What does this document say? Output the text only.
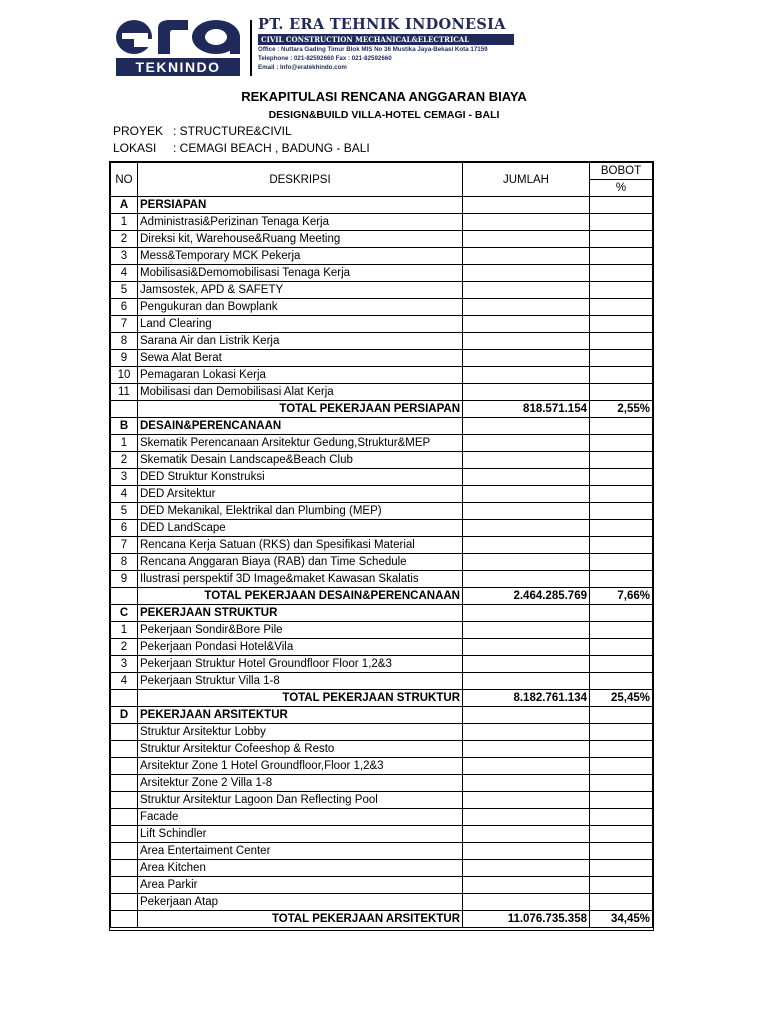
TEKNINDO
PT. ERA TEHNIK INDONESIA
CIVIL CONSTRUCTION MECHANICAL&ELECTRICAL
Office : Nuttara Gading Timur Blok MIS No 36 Mustika Jaya-Bekasi Kota 17159
Telephone : 021-82592660 Fax : 021-82592660
Email : Info@eratekhindo.com
REKAPITULASI RENCANA ANGGARAN BIAYA
DESIGN&BUILD VILLA-HOTEL CEMAGI - BALI
PROYEK : STRUCTURE&CIVIL
LOKASI : CEMAGI BEACH , BADUNG - BALI
NO	DESKRIPSI	JUMLAH	BOBOT
			%
A	PERSIAPAN		
1	Administrasi&Perizinan Tenaga Kerja		
2	Direksi kit, Warehouse&Ruang Meeting		
3	Mess&Temporary MCK Pekerja		
4	Mobilisasi&Demomobilisasi Tenaga Kerja		
5	Jamsostek, APD & SAFETY		
6	Pengukuran dan Bowplank		
7	Land Clearing		
8	Sarana Air dan Listrik Kerja		
9	Sewa Alat Berat		
10	Pemagaran Lokasi Kerja		
11	Mobilisasi dan Demobilisasi Alat Kerja		
	TOTAL PEKERJAAN PERSIAPAN	818.571.154	2,55%
B	DESAIN&PERENCANAAN		
1	Skematik Perencanaan Arsitektur Gedung,Struktur&MEP		
2	Skematik Desain Landscape&Beach Club		
3	DED Struktur Konstruksi		
4	DED Arsitektur		
5	DED Mekanikal, Elektrikal dan Plumbing (MEP)		
6	DED LandScape		
7	Rencana Kerja Satuan (RKS) dan Spesifikasi Material		
8	Rencana Anggaran Biaya (RAB) dan Time Schedule		
9	Ilustrasi perspektif 3D Image&maket Kawasan Skalatis		
	TOTAL PEKERJAAN DESAIN&PERENCANAAN	2.464.285.769	7,66%
C	PEKERJAAN STRUKTUR		
1	Pekerjaan Sondir&Bore Pile		
2	Pekerjaan Pondasi Hotel&Vila		
3	Pekerjaan Struktur Hotel Groundfloor Floor 1,2&3		
4	Pekerjaan Struktur Villa 1-8		
	TOTAL PEKERJAAN STRUKTUR	8.182.761.134	25,45%
D	PEKERJAAN ARSITEKTUR		
	Struktur Arsitektur Lobby		
	Struktur Arsitektur Cofeeshop & Resto		
	Arsitektur Zone 1 Hotel Groundfloor,Floor 1,2&3		
	Arsitektur Zone 2 Villa 1-8		
	Struktur Arsitektur Lagoon Dan Reflecting Pool		
	Facade		
	Lift Schindler		
	Area Entertaiment Center		
	Area Kitchen		
	Area Parkir		
	Pekerjaan Atap		
	TOTAL PEKERJAAN ARSITEKTUR	11.076.735.358	34,45%
